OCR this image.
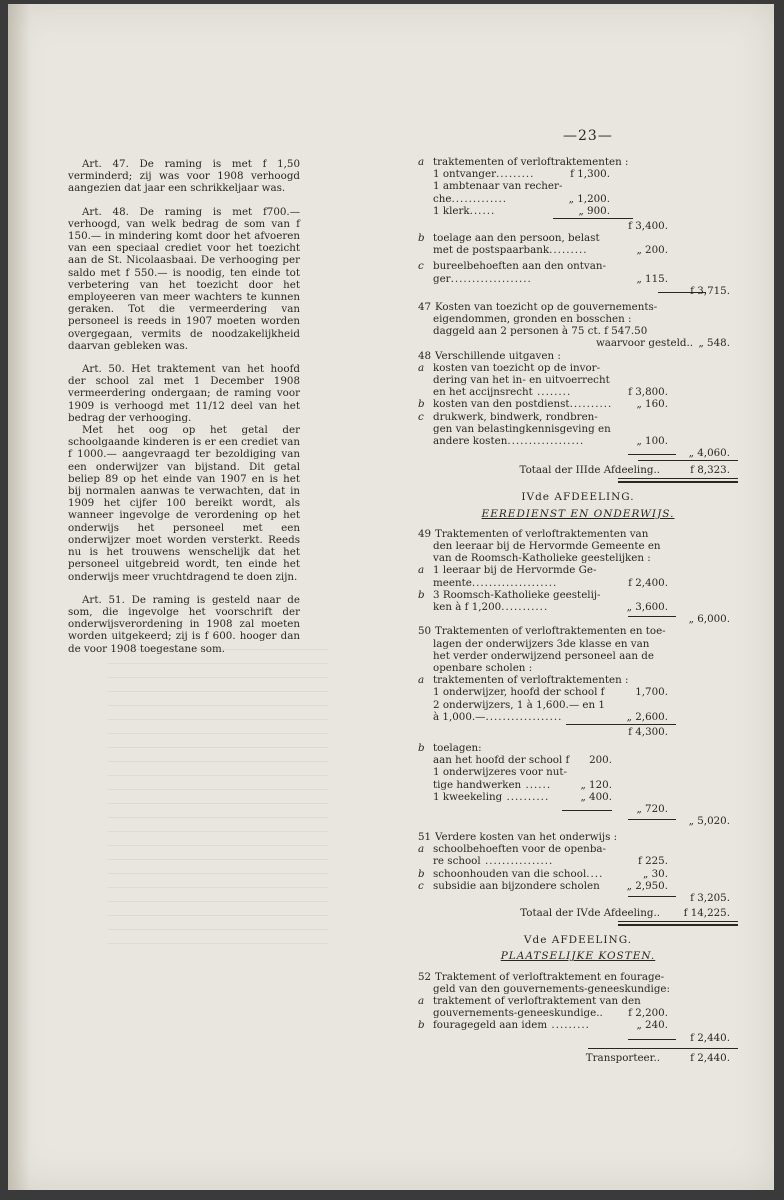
—23—

Art. 47. De raming is met f 1,50 verminderd; zij was voor 1908 verhoogd aangezien dat jaar een schrikkeljaar was.

Art. 48. De raming is met f700.— verhoogd, van welk bedrag de som van f 150.— in mindering komt door het afvoeren van een speciaal crediet voor het toezicht aan de St. Nicolaasbaai. De verhooging per saldo met f 550.— is noodig, ten einde tot verbetering van het toezicht door het employeeren van meer wachters te kunnen geraken. Tot die vermeerdering van personeel is reeds in 1907 moeten worden overgegaan, vermits de noodzakelijkheid daarvan gebleken was.

Art. 50. Het traktement van het hoofd der school zal met 1 December 1908 vermeerdering ondergaan; de raming voor 1909 is verhoogd met 11/12 deel van het bedrag der verhooging.

Met het oog op het getal der schoolgaande kinderen is er een crediet van f 1000.— aangevraagd ter bezoldiging van een onderwijzer van bijstand. Dit getal beliep 89 op het einde van 1907 en is het bij normalen aanwas te verwachten, dat in 1909 het cijfer 100 bereikt wordt, als wanneer ingevolge de verordening op het onderwijs het personeel met een onderwijzer moet worden versterkt. Reeds nu is het trouwens wenschelijk dat het personeel uitgebreid wordt, ten einde het onderwijs meer vruchtdragend te doen zijn.

Art. 51. De raming is gesteld naar de som, die ingevolge het voorschrift der onderwijsverordening in 1908 zal moeten worden uitgekeerd; zij is f 600. hooger dan de voor 1908 toegestane som.

a traktementen of verloftraktementen :
1 ontvanger.........	f 1,300.
1 ambtenaar van recher-
che.............	„ 1,200.
1 klerk......	„ 900.
f 3,400.
b toelage aan den persoon, belast
met de postspaarbank.........	„ 200.
c bureelbehoeften aan den ontvan-
ger...................	„ 115.
f 3,715.
47 Kosten van toezicht op de gouvernements-
eigendommen, gronden en bosschen :
daggeld aan 2 personen à 75 ct. f 547.50
waarvoor gesteld.. „ 548.
48 Verschillende uitgaven :
a kosten van toezicht op de invor-
dering van het in- en uitvoerrecht
en het accijnsrecht ........	f 3,800.
b kosten van den postdienst..........	„ 160.
c drukwerk, bindwerk, rondbren-
gen van belastingkennisgeving en
andere kosten..................	„ 100.
„ 4,060.
Totaal der IIIde Afdeeling..	f 8,323.
IVde AFDEELING.
EEREDIENST EN ONDERWIJS.
49 Traktementen of verloftraktementen van
den leeraar bij de Hervormde Gemeente en
van de Roomsch-Katholieke geestelijken :
a 1 leeraar bij de Hervormde Ge-
meente....................	f 2,400.
b 3 Roomsch-Katholieke geestelij-
ken à f 1,200...........	„ 3,600.
„ 6,000.
50 Traktementen of verloftraktementen en toe-
lagen der onderwijzers 3de klasse en van
het verder onderwijzend personeel aan de
openbare scholen :
a traktementen of verloftraktementen :
1 onderwijzer, hoofd der school f	1,700.
2 onderwijzers, 1 à 1,600.— en 1
à 1,000.—..................	„ 2,600.
f 4,300.
b toelagen:
aan het hoofd der school f	200.
1 onderwijzeres voor nut-
tige handwerken ......	„ 120.
1 kweekeling ..........	„ 400.
„ 720.
„ 5,020.
51 Verdere kosten van het onderwijs :
a schoolbehoeften voor de openba-
re school ................	f 225.
b schoonhouden van die school....	„ 30.
c subsidie aan bijzondere scholen	„ 2,950.
f 3,205.
Totaal der IVde Afdeeling..	f 14,225.
Vde AFDEELING.
PLAATSELIJKE KOSTEN.
52 Traktement of verloftraktement en fourage-
geld van den gouvernements-geneeskundige:
a traktement of verloftraktement van den
gouvernements-geneeskundige..	f 2,200.
b fouragegeld aan idem .........	„ 240.
f 2,440.
Transporteer..	f 2,440.
